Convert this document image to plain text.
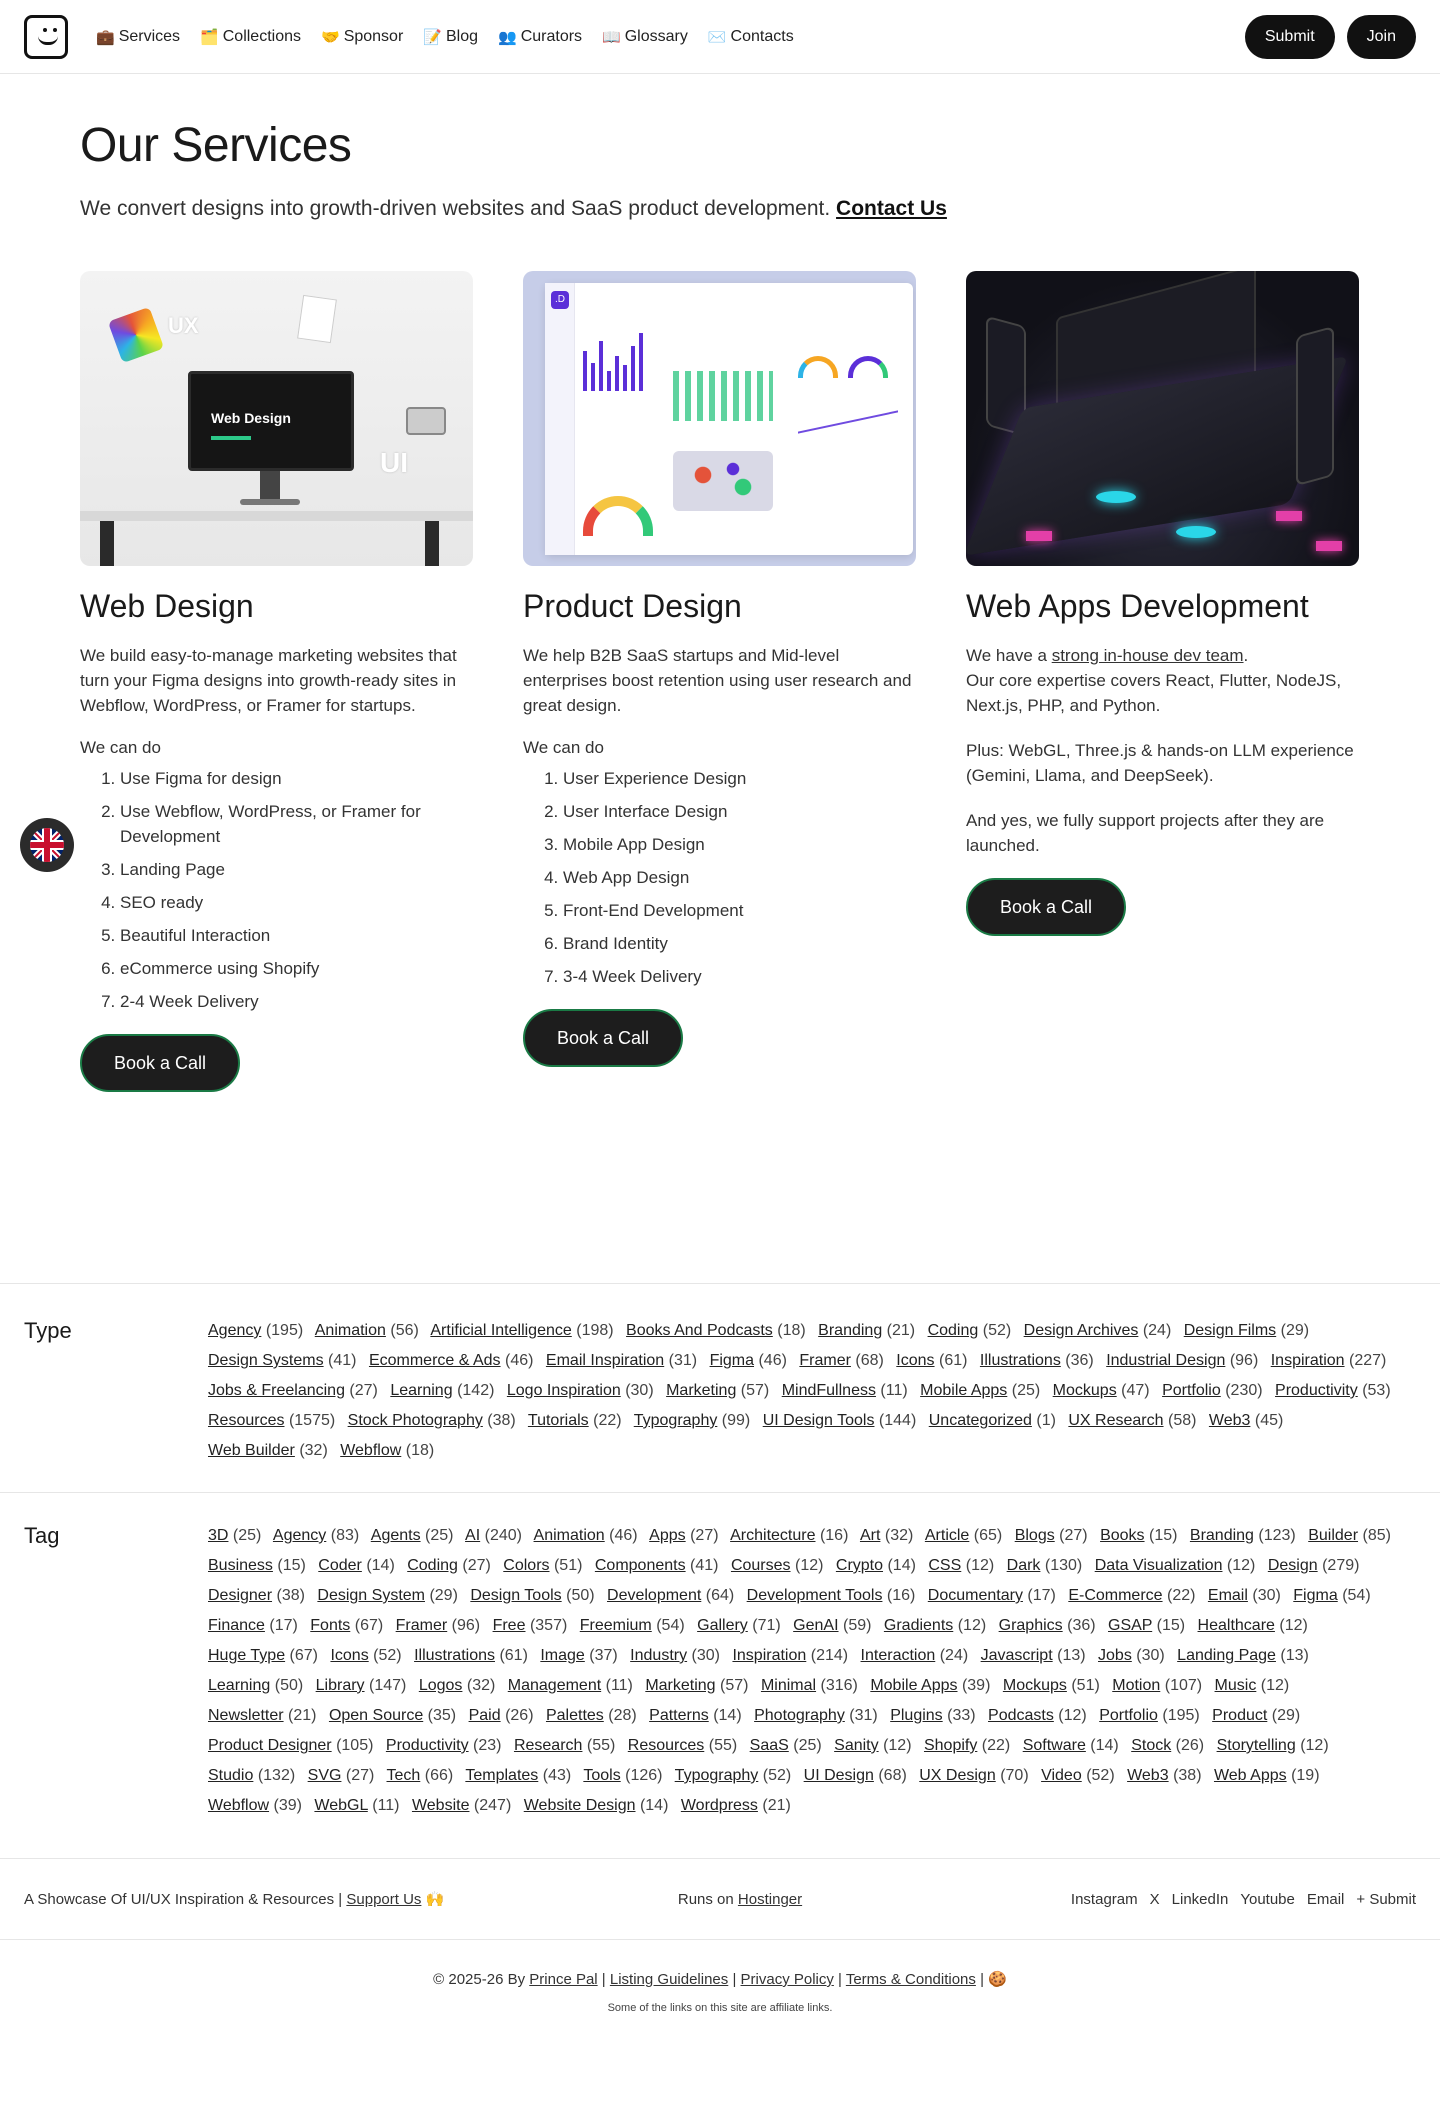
💼 Services 🗂️ Collections 🤝 Sponsor 📝 Blog 👥 Curators 📖 Glossary ✉️ Contacts	Submit	Join
Our Services

We convert designs into growth-driven websites and SaaS product development. Contact Us

UX
Web Design
UI
Web Design

We build easy-to-manage marketing websites that turn your Figma designs into growth-ready sites in Webflow, WordPress, or Framer for startups.

We can do
1. Use Figma for design
2. Use Webflow, WordPress, or Framer for Development
3. Landing Page
4. SEO ready
5. Beautiful Interaction
6. eCommerce using Shopify
7. 2-4 Week Delivery
Book a Call
.D
Product Design

We help B2B SaaS startups and Mid-level enterprises boost retention using user research and great design.

We can do
1. User Experience Design
2. User Interface Design
3. Mobile App Design
4. Web App Design
5. Front-End Development
6. Brand Identity
7. 3-4 Week Delivery
Book a Call
Web Apps Development

We have a strong in-house dev team.
Our core expertise covers React, Flutter, NodeJS, Next.js, PHP, and Python.

Plus: WebGL, Three.js & hands-on LLM experience (Gemini, Llama, and DeepSeek).

And yes, we fully support projects after they are launched.

Book a Call
Type	Agency (195) Animation (56) Artificial Intelligence (198) Books And Podcasts (18) Branding (21) Coding (52) Design Archives (24) Design Films (29) Design Systems (41) Ecommerce & Ads (46) Email Inspiration (31) Figma (46) Framer (68) Icons (61) Illustrations (36) Industrial Design (96) Inspiration (227) Jobs & Freelancing (27) Learning (142) Logo Inspiration (30) Marketing (57) MindFullness (11) Mobile Apps (25) Mockups (47) Portfolio (230) Productivity (53) Resources (1575) Stock Photography (38) Tutorials (22) Typography (99) UI Design Tools (144) Uncategorized (1) UX Research (58) Web3 (45) Web Builder (32) Webflow (18)
Tag	3D (25) Agency (83) Agents (25) AI (240) Animation (46) Apps (27) Architecture (16) Art (32) Article (65) Blogs (27) Books (15) Branding (123) Builder (85) Business (15) Coder (14) Coding (27) Colors (51) Components (41) Courses (12) Crypto (14) CSS (12) Dark (130) Data Visualization (12) Design (279) Designer (38) Design System (29) Design Tools (50) Development (64) Development Tools (16) Documentary (17) E-Commerce (22) Email (30) Figma (54) Finance (17) Fonts (67) Framer (96) Free (357) Freemium (54) Gallery (71) GenAI (59) Gradients (12) Graphics (36) GSAP (15) Healthcare (12) Huge Type (67) Icons (52) Illustrations (61) Image (37) Industry (30) Inspiration (214) Interaction (24) Javascript (13) Jobs (30) Landing Page (13) Learning (50) Library (147) Logos (32) Management (11) Marketing (57) Minimal (316) Mobile Apps (39) Mockups (51) Motion (107) Music (12) Newsletter (21) Open Source (35) Paid (26) Palettes (28) Patterns (14) Photography (31) Plugins (33) Podcasts (12) Portfolio (195) Product (29) Product Designer (105) Productivity (23) Research (55) Resources (55) SaaS (25) Sanity (12) Shopify (22) Software (14) Stock (26) Storytelling (12) Studio (132) SVG (27) Tech (66) Templates (43) Tools (126) Typography (52) UI Design (68) UX Design (70) Video (52) Web3 (38) Web Apps (19) Webflow (39) WebGL (11) Website (247) Website Design (14) Wordpress (21)
A Showcase Of UI/UX Inspiration & Resources | Support Us 🙌	Runs on Hostinger	Instagram X LinkedIn Youtube Email + Submit
© 2025-26 By Prince Pal | Listing Guidelines | Privacy Policy | Terms & Conditions | 🍪
Some of the links on this site are affiliate links.
